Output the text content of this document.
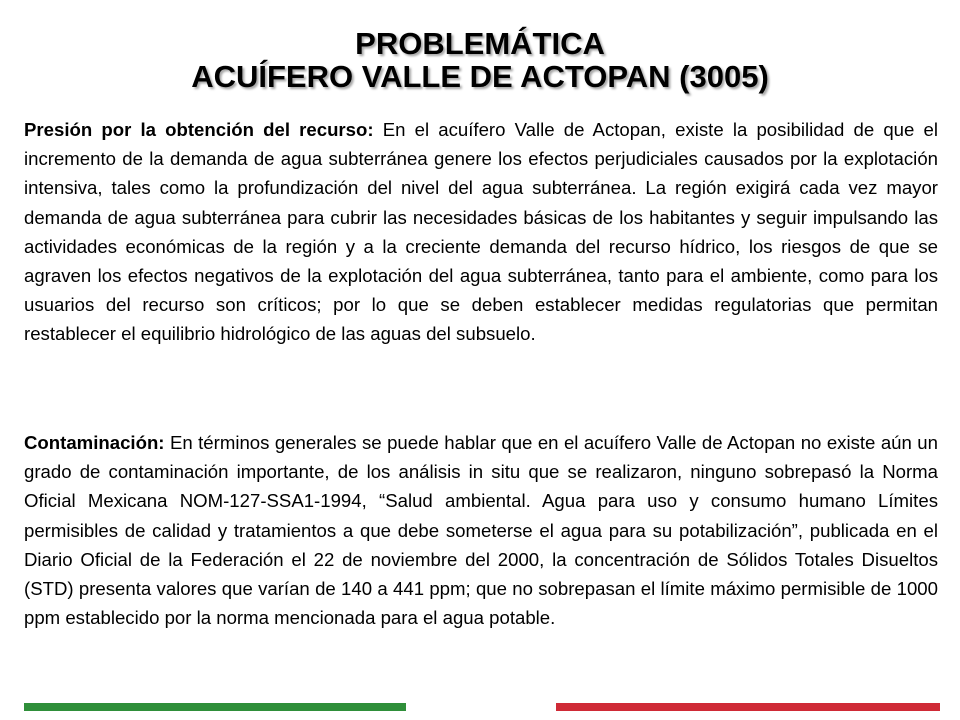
PROBLEMÁTICA
ACUÍFERO VALLE DE ACTOPAN (3005)

Presión por la obtención del recurso: En el acuífero Valle de Actopan, existe la posibilidad de que el incremento de la demanda de agua subterránea genere los efectos perjudiciales causados por la explotación intensiva, tales como la profundización del nivel del agua subterránea. La región exigirá cada vez mayor demanda de agua subterránea para cubrir las necesidades básicas de los habitantes y seguir impulsando las actividades económicas de la región y a la creciente demanda del recurso hídrico, los riesgos de que se agraven los efectos negativos de la explotación del agua subterránea, tanto para el ambiente, como para los usuarios del recurso son críticos; por lo que se deben establecer medidas regulatorias que permitan restablecer el equilibrio hidrológico de las aguas del subsuelo.

Contaminación: En términos generales se puede hablar que en el acuífero Valle de Actopan no existe aún un grado de contaminación importante, de los análisis in situ que se realizaron, ninguno sobrepasó la Norma Oficial Mexicana NOM-127-SSA1-1994, “Salud ambiental. Agua para uso y consumo humano Límites permisibles de calidad y tratamientos a que debe someterse el agua para su potabilización”, publicada en el Diario Oficial de la Federación el 22 de noviembre del 2000, la concentración de Sólidos Totales Disueltos (STD) presenta valores que varían de 140 a 441 ppm; que no sobrepasan el límite máximo permisible de 1000 ppm establecido por la norma mencionada para el agua potable.
